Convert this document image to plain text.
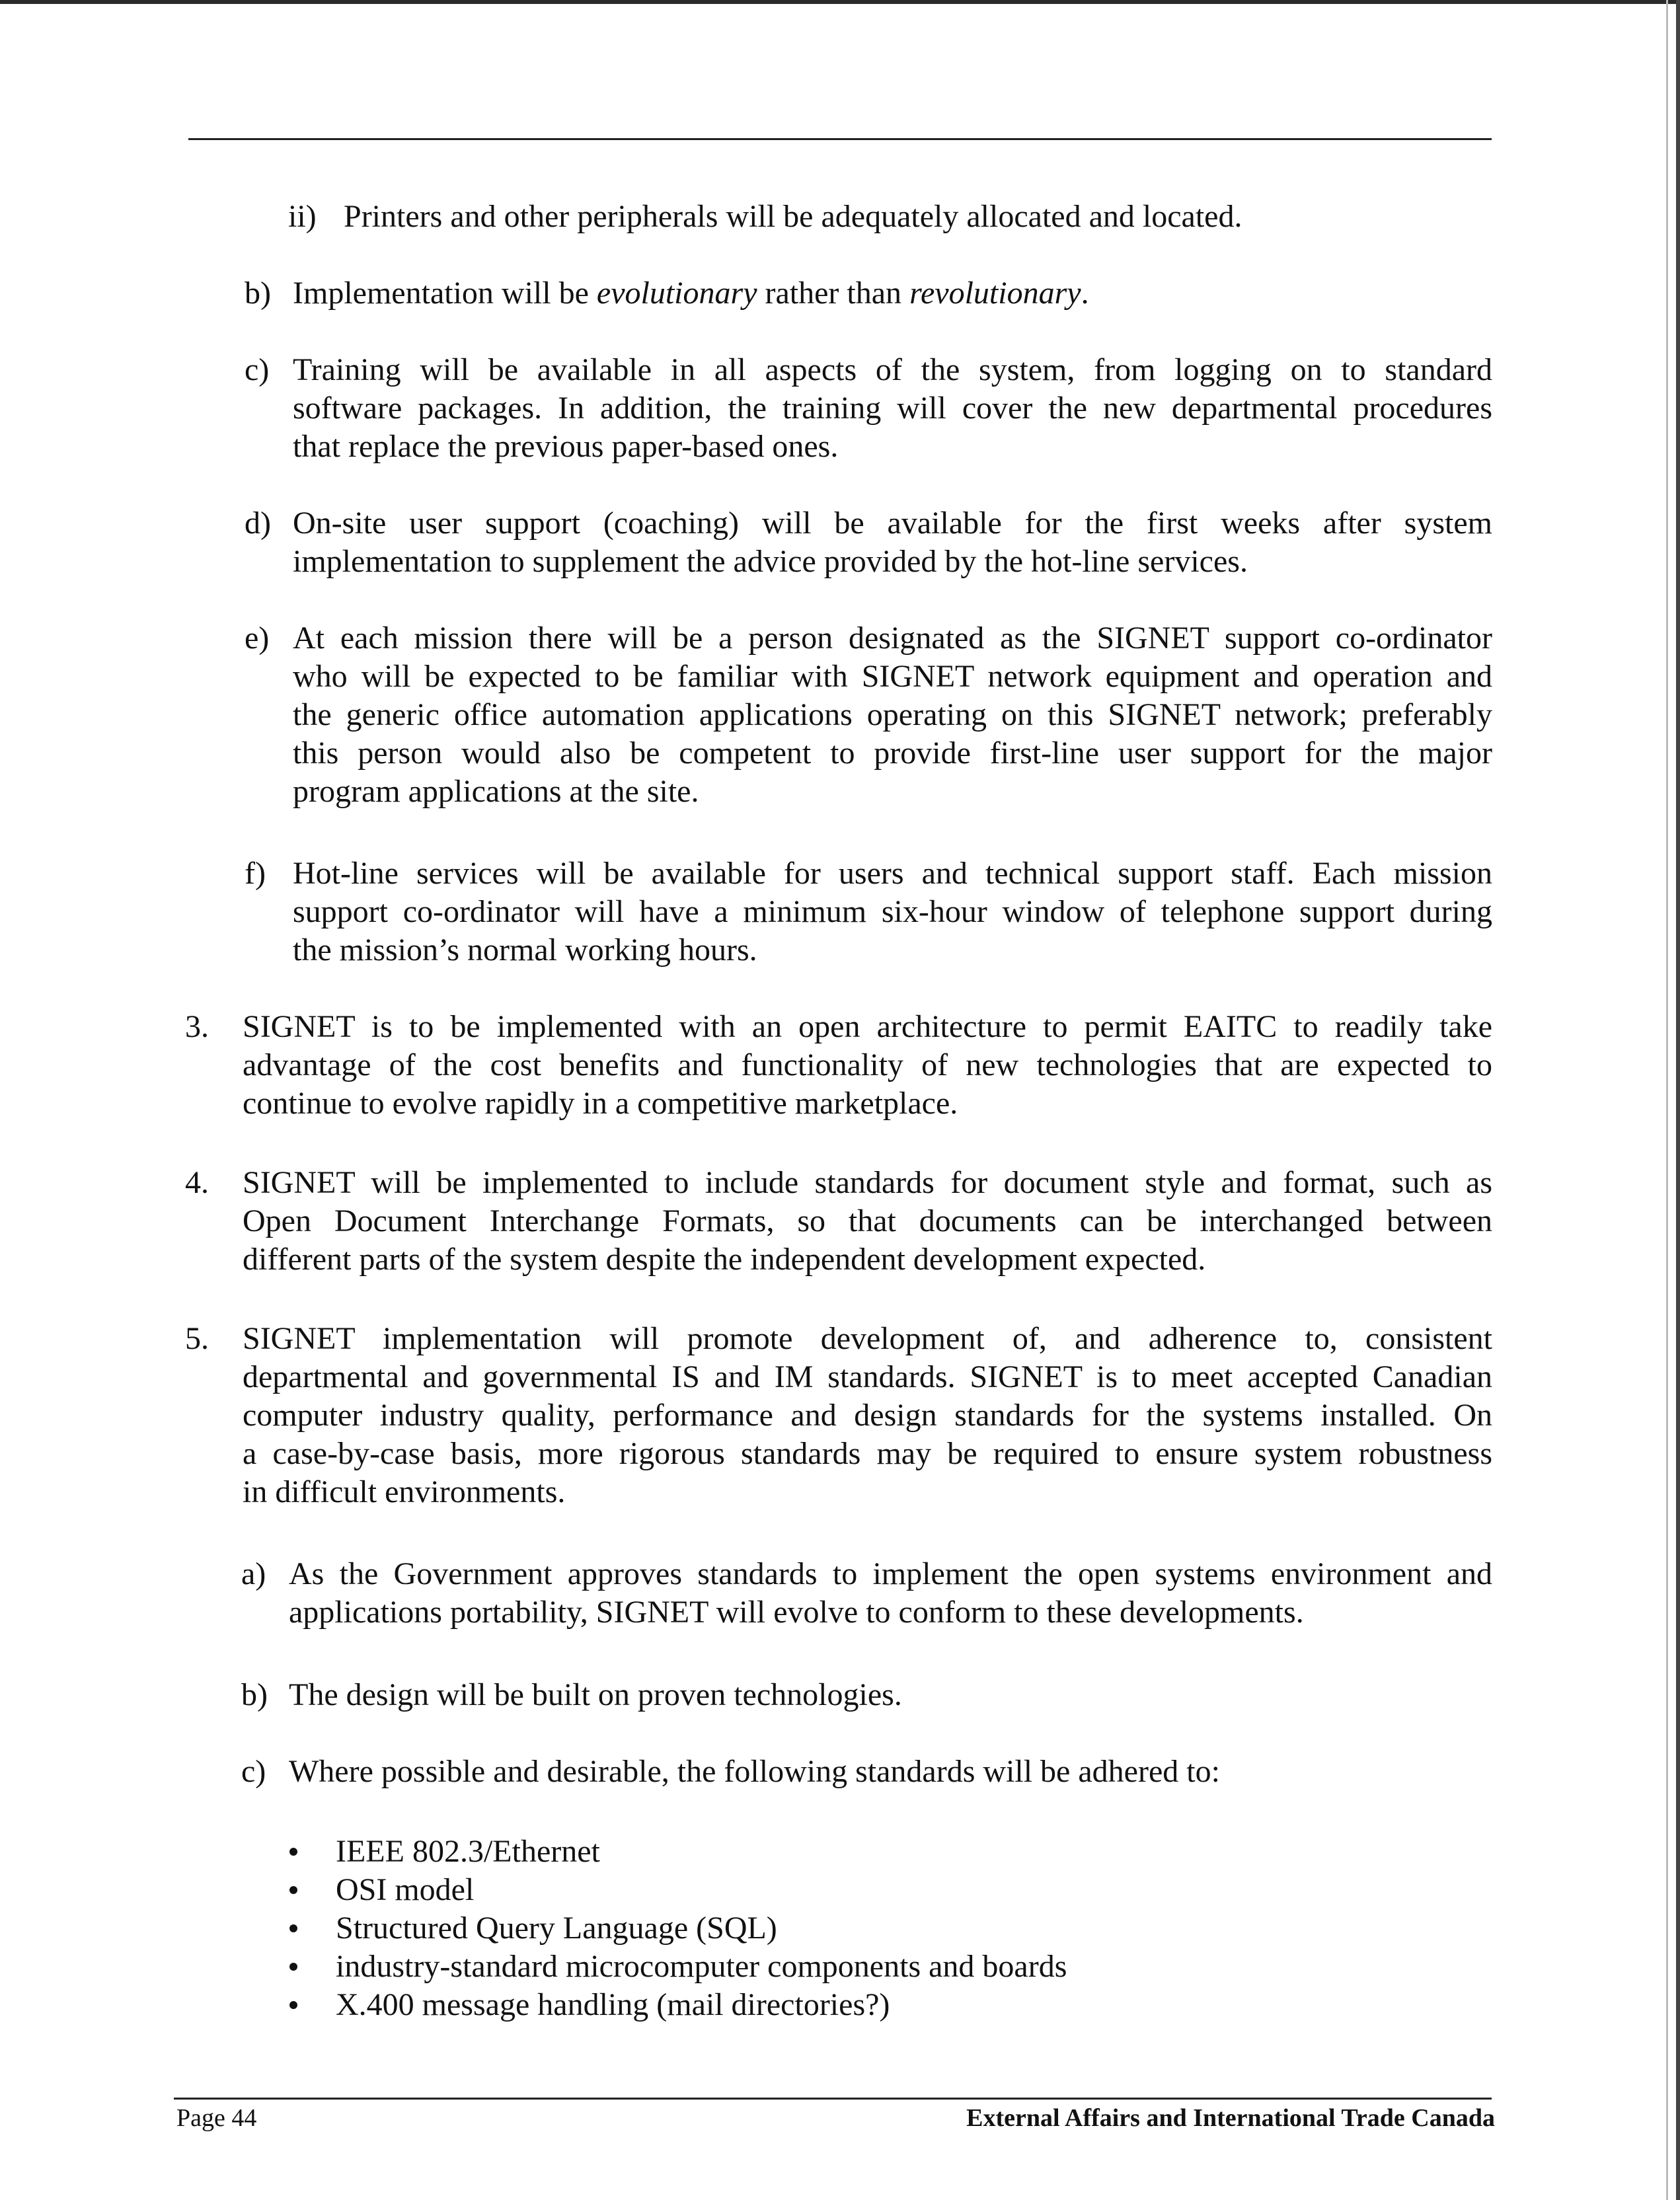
ii) Printers and other peripherals will be adequately allocated and located.
b) Implementation will be evolutionary rather than revolutionary.
c) Training will be available in all aspects of the system, from logging on to standard
software packages. In addition, the training will cover the new departmental procedures
that replace the previous paper-based ones.
d) On-site user support (coaching) will be available for the first weeks after system
implementation to supplement the advice provided by the hot-line services.
e) At each mission there will be a person designated as the SIGNET support co-ordinator
who will be expected to be familiar with SIGNET network equipment and operation and
the generic office automation applications operating on this SIGNET network; preferably
this person would also be competent to provide first-line user support for the major
program applications at the site.
f) Hot-line services will be available for users and technical support staff. Each mission
support co-ordinator will have a minimum six-hour window of telephone support during
the mission’s normal working hours.
3. SIGNET is to be implemented with an open architecture to permit EAITC to readily take
advantage of the cost benefits and functionality of new technologies that are expected to
continue to evolve rapidly in a competitive marketplace.
4. SIGNET will be implemented to include standards for document style and format, such as
Open Document Interchange Formats, so that documents can be interchanged between
different parts of the system despite the independent development expected.
5. SIGNET implementation will promote development of, and adherence to, consistent
departmental and governmental IS and IM standards. SIGNET is to meet accepted Canadian
computer industry quality, performance and design standards for the systems installed. On
a case-by-case basis, more rigorous standards may be required to ensure system robustness
in difficult environments.
a) As the Government approves standards to implement the open systems environment and
applications portability, SIGNET will evolve to conform to these developments.
b) The design will be built on proven technologies.
c) Where possible and desirable, the following standards will be adhered to:
IEEE 802.3/Ethernet
OSI model
Structured Query Language (SQL)
industry-standard microcomputer components and boards
X.400 message handling (mail directories?)
Page 44	External Affairs and International Trade Canada
